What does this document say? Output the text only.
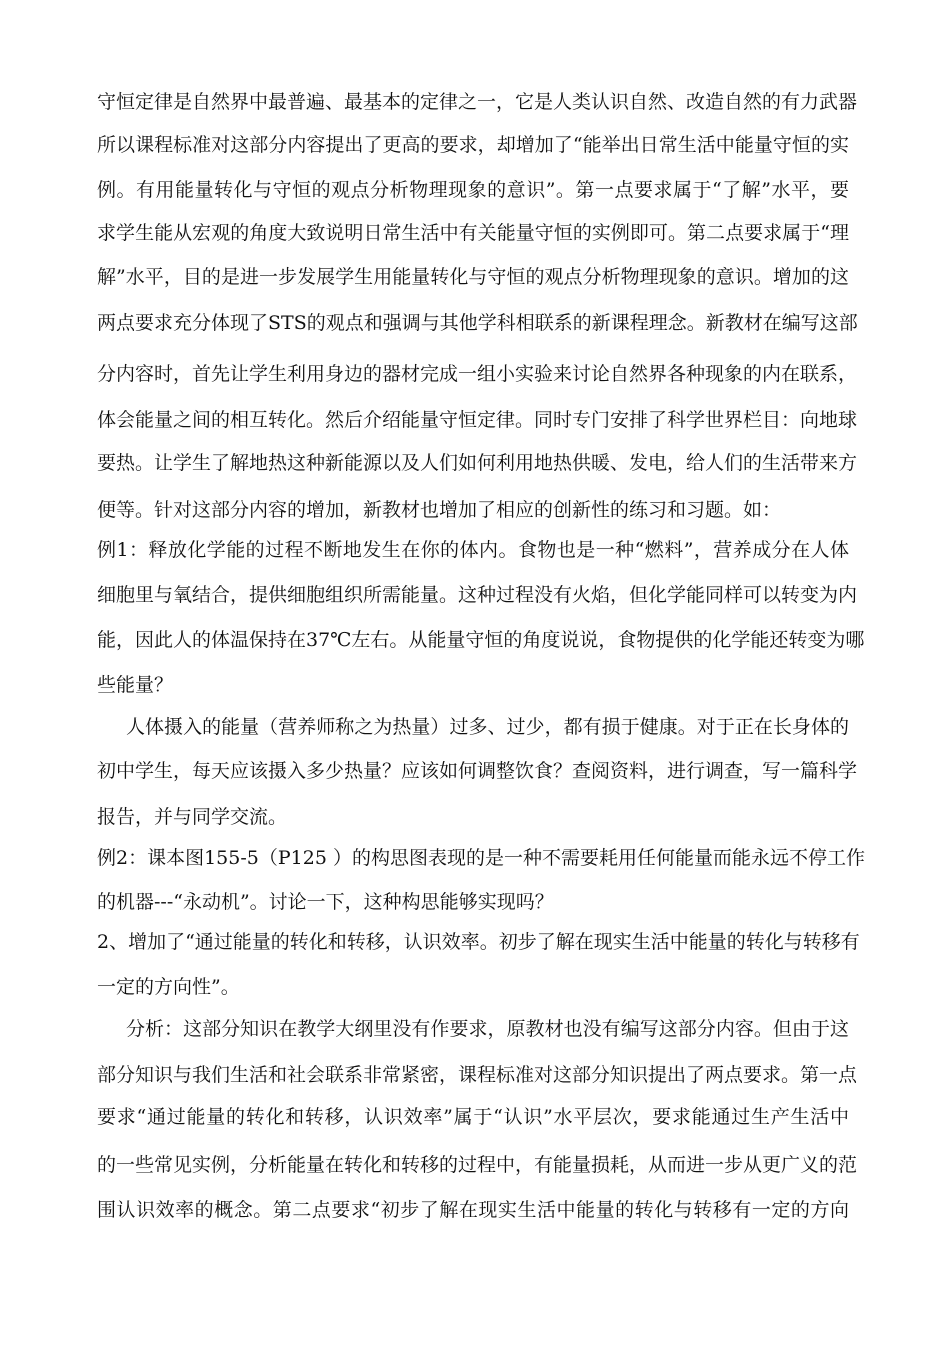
守恒定律是自然界中最普遍、最基本的定律之一，它是人类认识自然、改造自然的有力武器
所以课程标准对这部分内容提出了更高的要求，却增加了“能举出日常生活中能量守恒的实
例。有用能量转化与守恒的观点分析物理现象的意识”。第一点要求属于“了解”水平，要
求学生能从宏观的角度大致说明日常生活中有关能量守恒的实例即可。第二点要求属于“理
解”水平，目的是进一步发展学生用能量转化与守恒的观点分析物理现象的意识。增加的这
两点要求充分体现了STS的观点和强调与其他学科相联系的新课程理念。新教材在编写这部
分内容时，首先让学生利用身边的器材完成一组小实验来讨论自然界各种现象的内在联系，
体会能量之间的相互转化。然后介绍能量守恒定律。同时专门安排了科学世界栏目：向地球
要热。让学生了解地热这种新能源以及人们如何利用地热供暖、发电，给人们的生活带来方
便等。针对这部分内容的增加，新教材也增加了相应的创新性的练习和习题。如：
例1：释放化学能的过程不断地发生在你的体内。食物也是一种“燃料”，营养成分在人体
细胞里与氧结合，提供细胞组织所需能量。这种过程没有火焰，但化学能同样可以转变为内
能，因此人的体温保持在37℃左右。从能量守恒的角度说说，食物提供的化学能还转变为哪
些能量？
人体摄入的能量（营养师称之为热量）过多、过少，都有损于健康。对于正在长身体的
初中学生，每天应该摄入多少热量？应该如何调整饮食？查阅资料，进行调查，写一篇科学
报告，并与同学交流。
例2：课本图155-5（P125 ）的构思图表现的是一种不需要耗用任何能量而能永远不停工作
的机器---“永动机”。讨论一下，这种构思能够实现吗？
2、增加了“通过能量的转化和转移，认识效率。初步了解在现实生活中能量的转化与转移有
一定的方向性”。
分析：这部分知识在教学大纲里没有作要求，原教材也没有编写这部分内容。但由于这
部分知识与我们生活和社会联系非常紧密，课程标准对这部分知识提出了两点要求。第一点
要求“通过能量的转化和转移，认识效率”属于“认识”水平层次，要求能通过生产生活中
的一些常见实例，分析能量在转化和转移的过程中，有能量损耗，从而进一步从更广义的范
围认识效率的概念。第二点要求“初步了解在现实生活中能量的转化与转移有一定的方向
